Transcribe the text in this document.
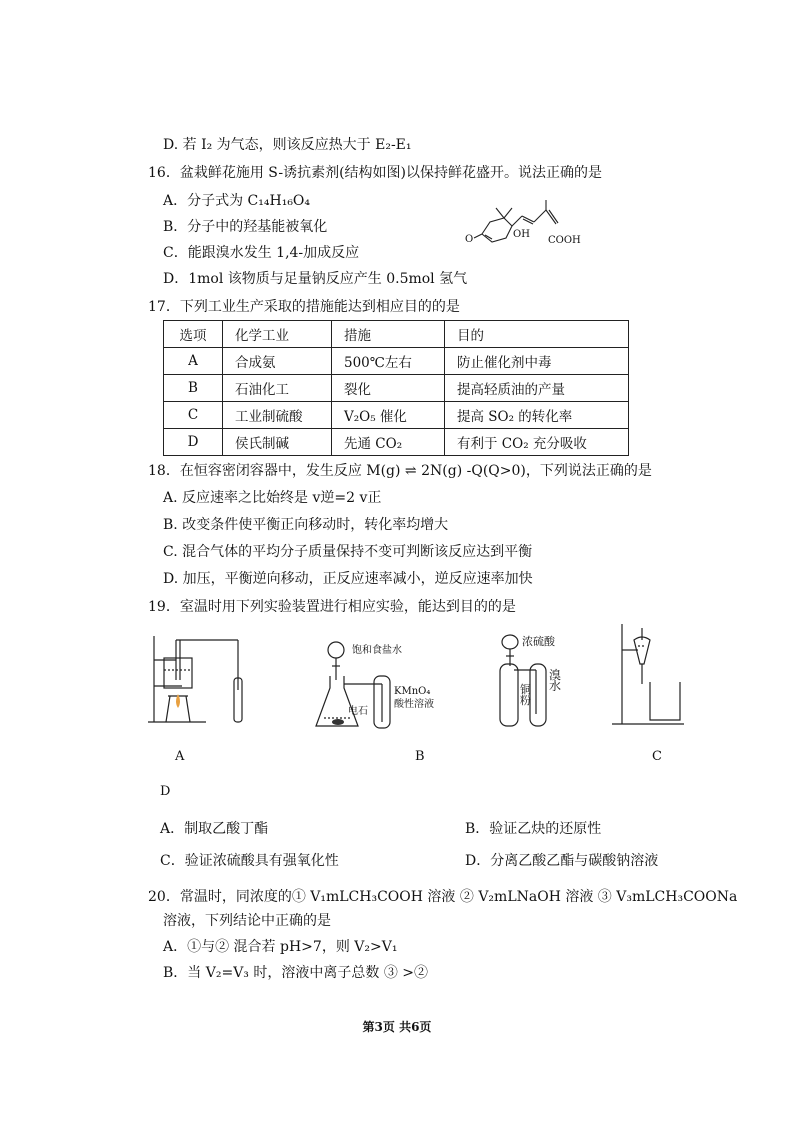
D. 若 I₂ 为气态，则该反应热大于 E₂-E₁
16．盆栽鲜花施用 S-诱抗素剂(结构如图)以保持鲜花盛开。说法正确的是
A．分子式为 C₁₄H₁₆O₄
B．分子中的羟基能被氧化
C．能跟溴水发生 1,4-加成反应
D．1mol 该物质与足量钠反应产生 0.5mol 氢气
O	OH
COOH
17．下列工业生产采取的措施能达到相应目的的是
选项	化学工业	措施	目的
A	合成氨	500℃左右	防止催化剂中毒
B	石油化工	裂化	提高轻质油的产量
C	工业制硫酸	V₂O₅ 催化	提高 SO₂ 的转化率
D	侯氏制碱	先通 CO₂	有利于 CO₂ 充分吸收
18．在恒容密闭容器中，发生反应 M(g) ⇌ 2N(g) -Q(Q>0)，下列说法正确的是
A. 反应速率之比始终是 v逆=2 v正
B. 改变条件使平衡正向移动时，转化率均增大
C. 混合气体的平均分子质量保持不变可判断该反应达到平衡
D. 加压，平衡逆向移动，正反应速率减小，逆反应速率加快
19．室温时用下列实验装置进行相应实验，能达到目的的是
饱和食盐水
KMnO₄
酸性溶液
电石
浓硫酸
铜粉
溴水
A	B	C
D
A．制取乙酸丁酯	B．验证乙炔的还原性
C．验证浓硫酸具有强氧化性	D．分离乙酸乙酯与碳酸钠溶液
20．常温时，同浓度的① V₁mLCH₃COOH 溶液 ② V₂mLNaOH 溶液 ③ V₃mLCH₃COONa
溶液，下列结论中正确的是
A．①与② 混合若 pH>7，则 V₂>V₁
B．当 V₂=V₃ 时，溶液中离子总数 ③ >②
第3页 共6页
